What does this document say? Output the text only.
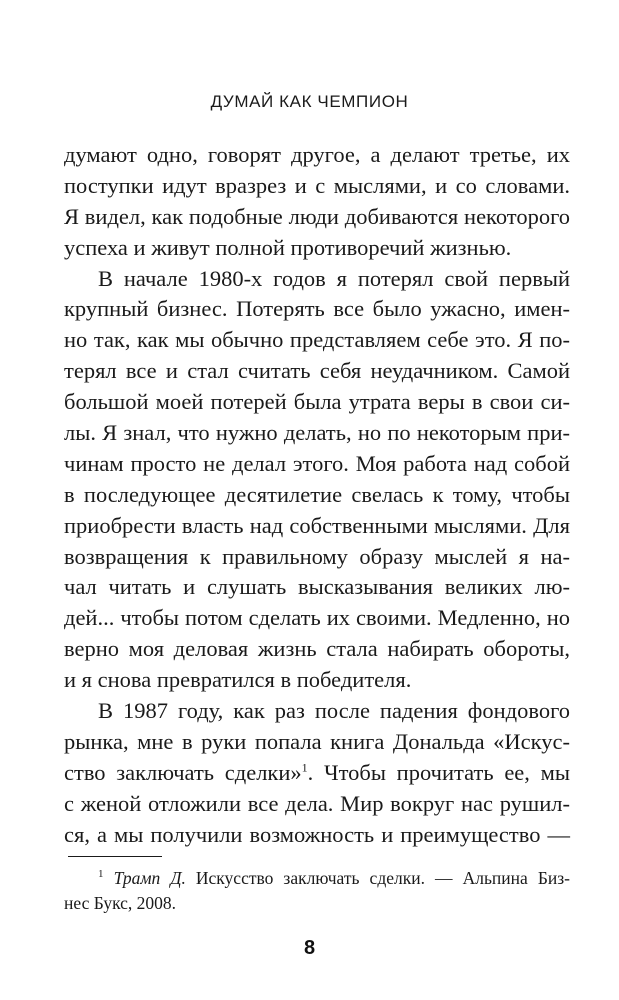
ДУМАЙ КАК ЧЕМПИОН
думают одно, говорят другое, а делают третье, их
поступки идут вразрез и с мыслями, и со словами.
Я видел, как подобные люди добиваются некоторого
успеха и живут полной противоречий жизнью.
В начале 1980-х годов я потерял свой первый
крупный бизнес. Потерять все было ужасно, имен-
но так, как мы обычно представляем себе это. Я по-
терял все и стал считать себя неудачником. Самой
большой моей потерей была утрата веры в свои си-
лы. Я знал, что нужно делать, но по некоторым при-
чинам просто не делал этого. Моя работа над собой
в последующее десятилетие свелась к тому, чтобы
приобрести власть над собственными мыслями. Для
возвращения к правильному образу мыслей я на-
чал читать и слушать высказывания великих лю-
дей... чтобы потом сделать их своими. Медленно, но
верно моя деловая жизнь стала набирать обороты,
и я снова превратился в победителя.
В 1987 году, как раз после падения фондового
рынка, мне в руки попала книга Дональда «Искус-
ство заключать сделки»$^1$. Чтобы прочитать ее, мы
с женой отложили все дела. Мир вокруг нас рушил-
ся, а мы получили возможность и преимущество —
$^1$ Трамп Д. Искусство заключать сделки. — Альпина Биз-
нес Букс, 2008.
8
